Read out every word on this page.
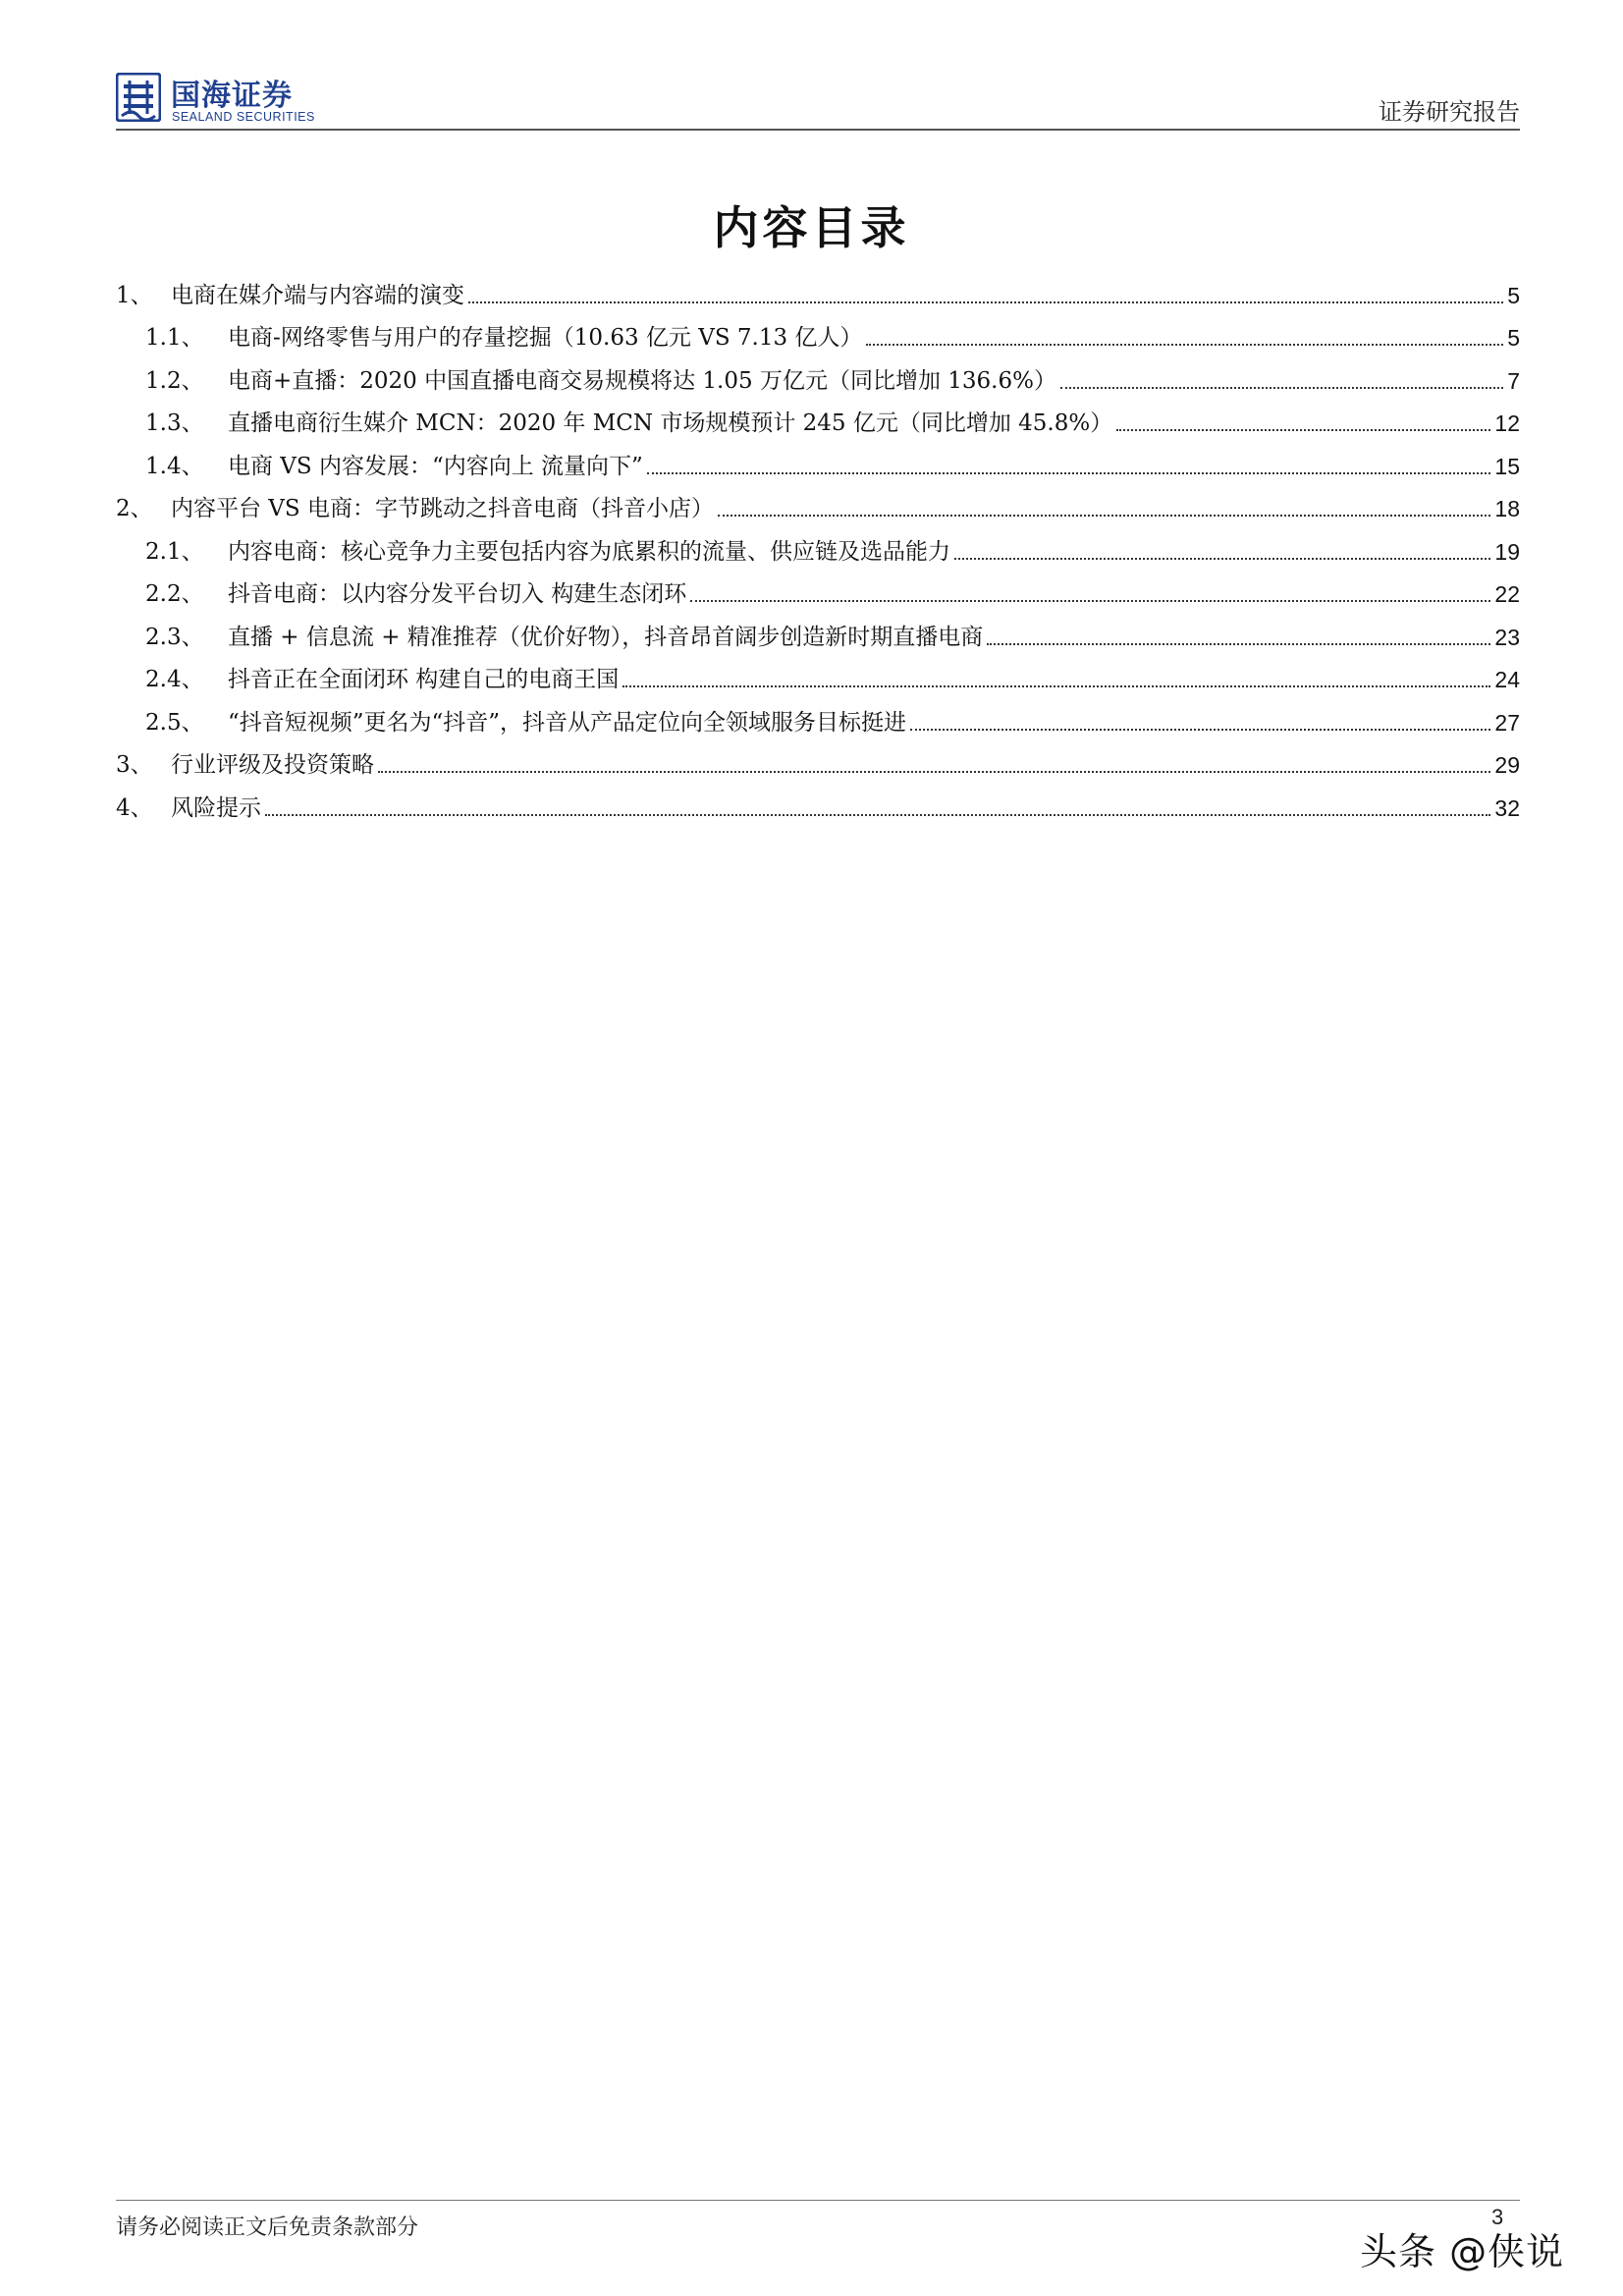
国海证券
SEALAND SECURITIES	证券研究报告
内容目录
1、 电商在媒介端与内容端的演变	5
1.1、	电商-网络零售与用户的存量挖掘（10.63 亿元 VS 7.13 亿人）	5
1.2、	电商+直播：2020 中国直播电商交易规模将达 1.05 万亿元（同比增加 136.6%）	7
1.3、	直播电商衍生媒介 MCN：2020 年 MCN 市场规模预计 245 亿元（同比增加 45.8%）	12
1.4、	电商 VS 内容发展：“内容向上 流量向下”	15
2、 内容平台 VS 电商：字节跳动之抖音电商（抖音小店）	18
2.1、	内容电商：核心竞争力主要包括内容为底累积的流量、供应链及选品能力	19
2.2、	抖音电商：以内容分发平台切入 构建生态闭环	22
2.3、	直播 + 信息流 + 精准推荐（优价好物），抖音昂首阔步创造新时期直播电商	23
2.4、	抖音正在全面闭环 构建自己的电商王国	24
2.5、	“抖音短视频”更名为“抖音”，抖音从产品定位向全领域服务目标挺进	27
3、 行业评级及投资策略	29
4、 风险提示	32
请务必阅读正文后免责条款部分	3
头条 @侠说
